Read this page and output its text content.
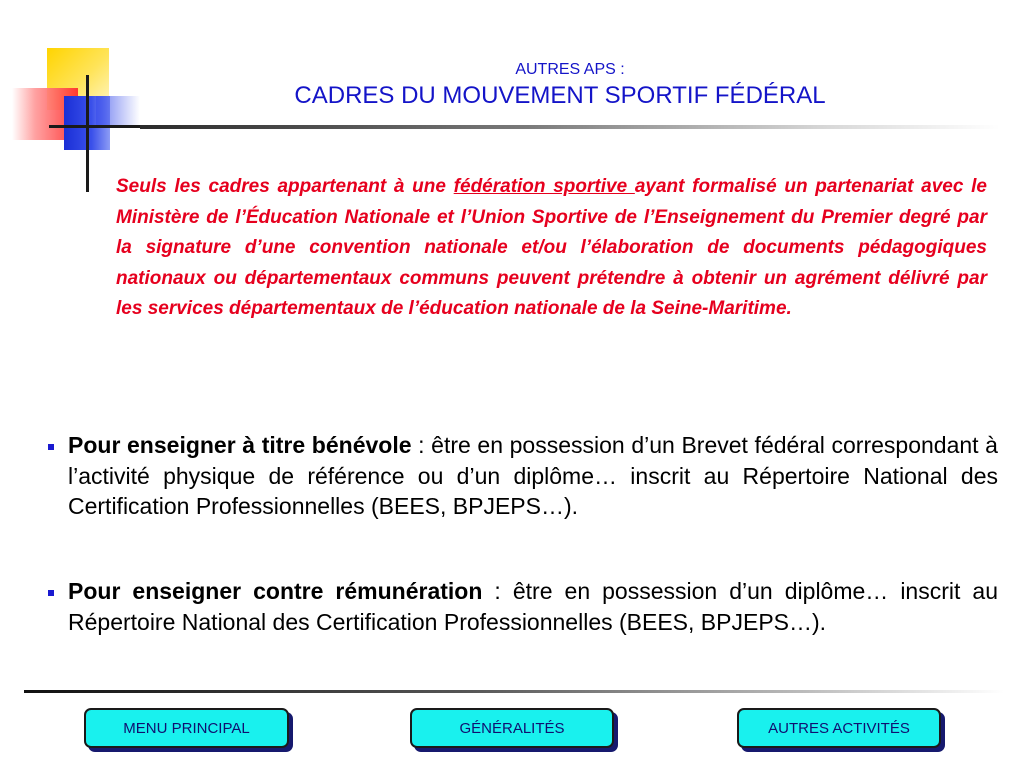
AUTRES APS :
CADRES DU MOUVEMENT SPORTIF FÉDÉRAL
Seuls les cadres appartenant à une fédération sportive ayant formalisé un partenariat avec le Ministère de l’Éducation Nationale et l’Union Sportive de l’Enseignement du Premier degré par la signature d’une convention nationale et/ou l’élaboration de documents pédagogiques nationaux ou départementaux communs peuvent prétendre à obtenir un agrément délivré par les services départementaux de l’éducation nationale de la Seine-Maritime.
Pour enseigner à titre bénévole : être en possession d’un Brevet fédéral correspondant à l’activité physique de référence ou d’un diplôme… inscrit au Répertoire National des Certification Professionnelles (BEES, BPJEPS…).
Pour enseigner contre rémunération : être en possession d’un diplôme… inscrit au Répertoire National des Certification Professionnelles (BEES, BPJEPS…).
MENU PRINCIPAL	GÉNÉRALITÉS	AUTRES ACTIVITÉS
